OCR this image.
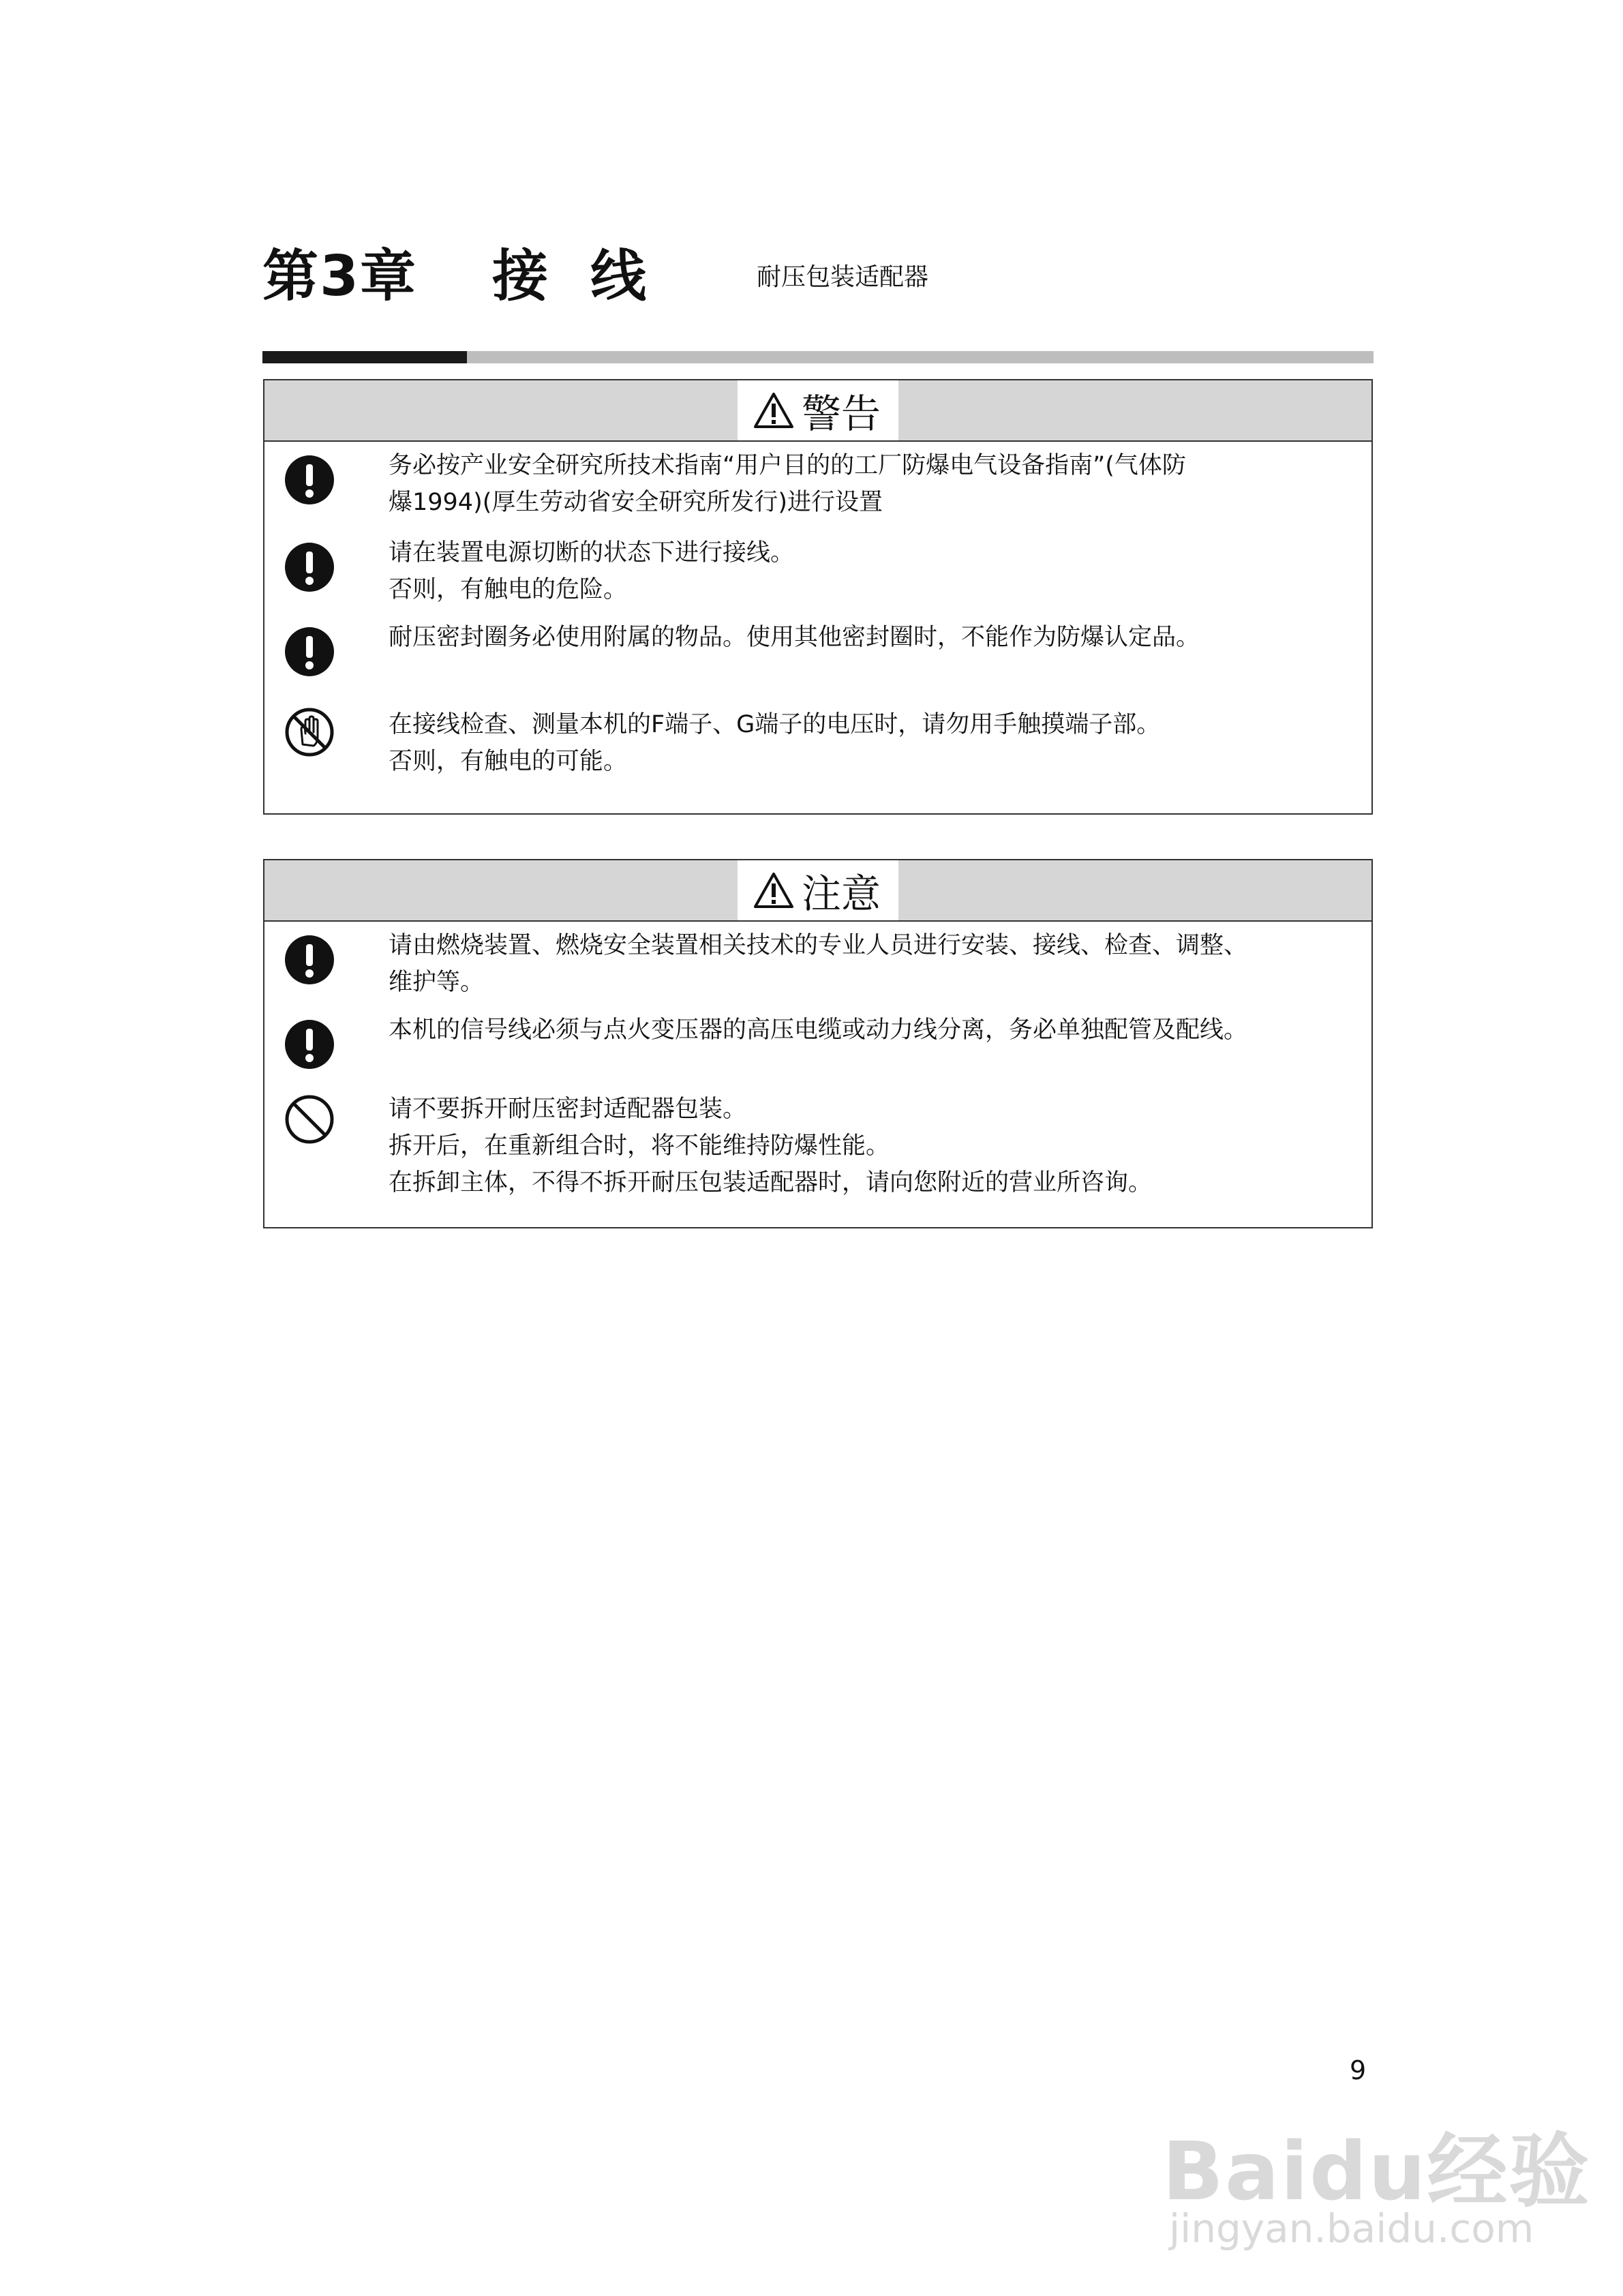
第3章 接 线	耐压包装适配器
警告
务必按产业安全研究所技术指南“用户目的的工厂防爆电气设备指南”(气体防
爆1994)(厚生劳动省安全研究所发行)进行设置
请在装置电源切断的状态下进行接线。
否则，有触电的危险。
耐压密封圈务必使用附属的物品。使用其他密封圈时，不能作为防爆认定品。
在接线检查、测量本机的F端子、G端子的电压时，请勿用手触摸端子部。
否则，有触电的可能。
注意
请由燃烧装置、燃烧安全装置相关技术的专业人员进行安装、接线、检查、调整、
维护等。
本机的信号线必须与点火变压器的高压电缆或动力线分离，务必单独配管及配线。
请不要拆开耐压密封适配器包装。
拆开后，在重新组合时，将不能维持防爆性能。
在拆卸主体，不得不拆开耐压包装适配器时，请向您附近的营业所咨询。
9
Baidu经验
jingyan.baidu.com
